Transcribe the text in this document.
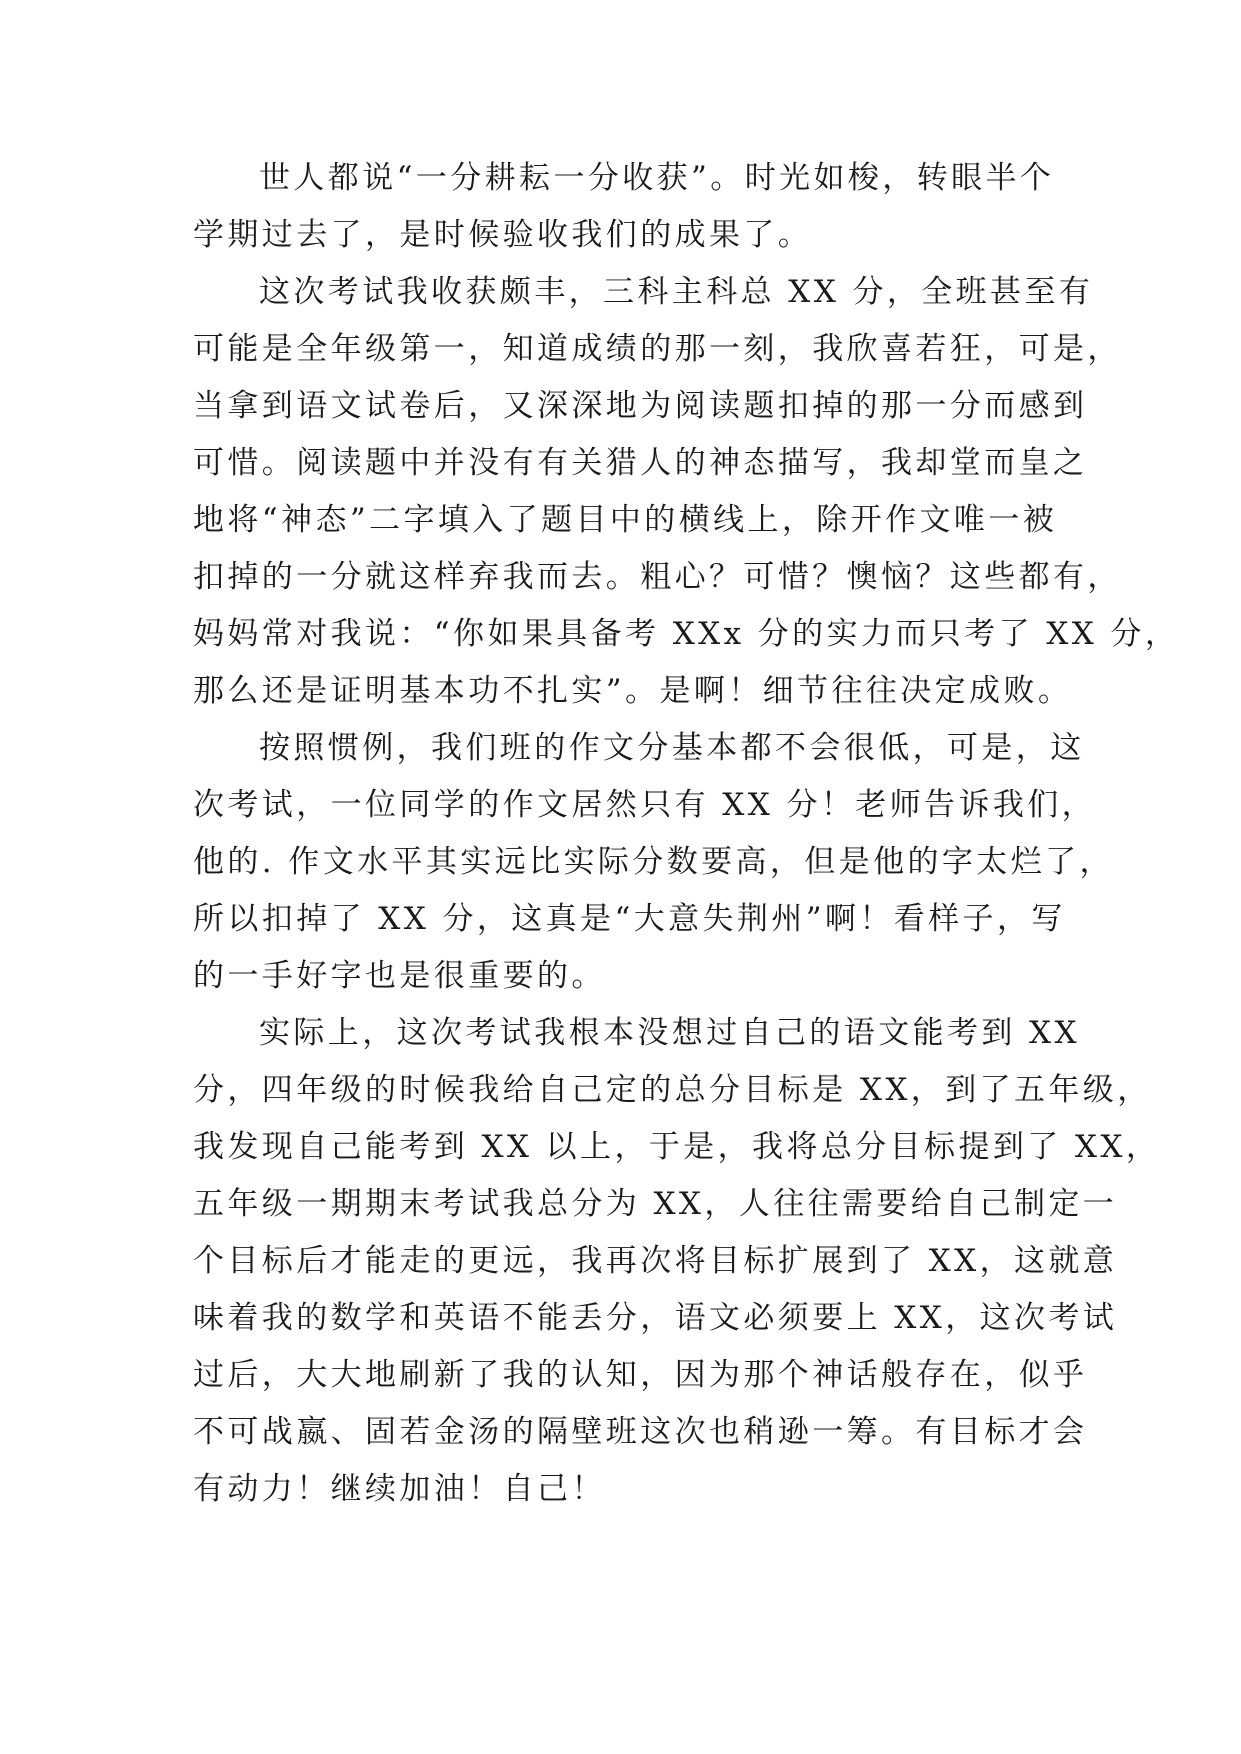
世人都说“一分耕耘一分收获”。时光如梭，转眼半个
学期过去了，是时候验收我们的成果了。
这次考试我收获颇丰，三科主科总 XX 分，全班甚至有
可能是全年级第一，知道成绩的那一刻，我欣喜若狂，可是，
当拿到语文试卷后，又深深地为阅读题扣掉的那一分而感到
可惜。阅读题中并没有有关猎人的神态描写，我却堂而皇之
地将“神态”二字填入了题目中的横线上，除开作文唯一被
扣掉的一分就这样弃我而去。粗心？可惜？懊恼？这些都有，
妈妈常对我说：“你如果具备考 XXx 分的实力而只考了 XX 分，
那么还是证明基本功不扎实”。是啊！细节往往决定成败。
按照惯例，我们班的作文分基本都不会很低，可是，这
次考试，一位同学的作文居然只有 XX 分！老师告诉我们，
他的. 作文水平其实远比实际分数要高，但是他的字太烂了，
所以扣掉了 XX 分，这真是“大意失荆州”啊！看样子，写
的一手好字也是很重要的。
实际上，这次考试我根本没想过自己的语文能考到 XX
分，四年级的时候我给自己定的总分目标是 XX，到了五年级，
我发现自己能考到 XX 以上，于是，我将总分目标提到了 XX，
五年级一期期末考试我总分为 XX，人往往需要给自己制定一
个目标后才能走的更远，我再次将目标扩展到了 XX，这就意
味着我的数学和英语不能丢分，语文必须要上 XX，这次考试
过后，大大地刷新了我的认知，因为那个神话般存在，似乎
不可战嬴、固若金汤的隔壁班这次也稍逊一筹。有目标才会
有动力！继续加油！自己！
